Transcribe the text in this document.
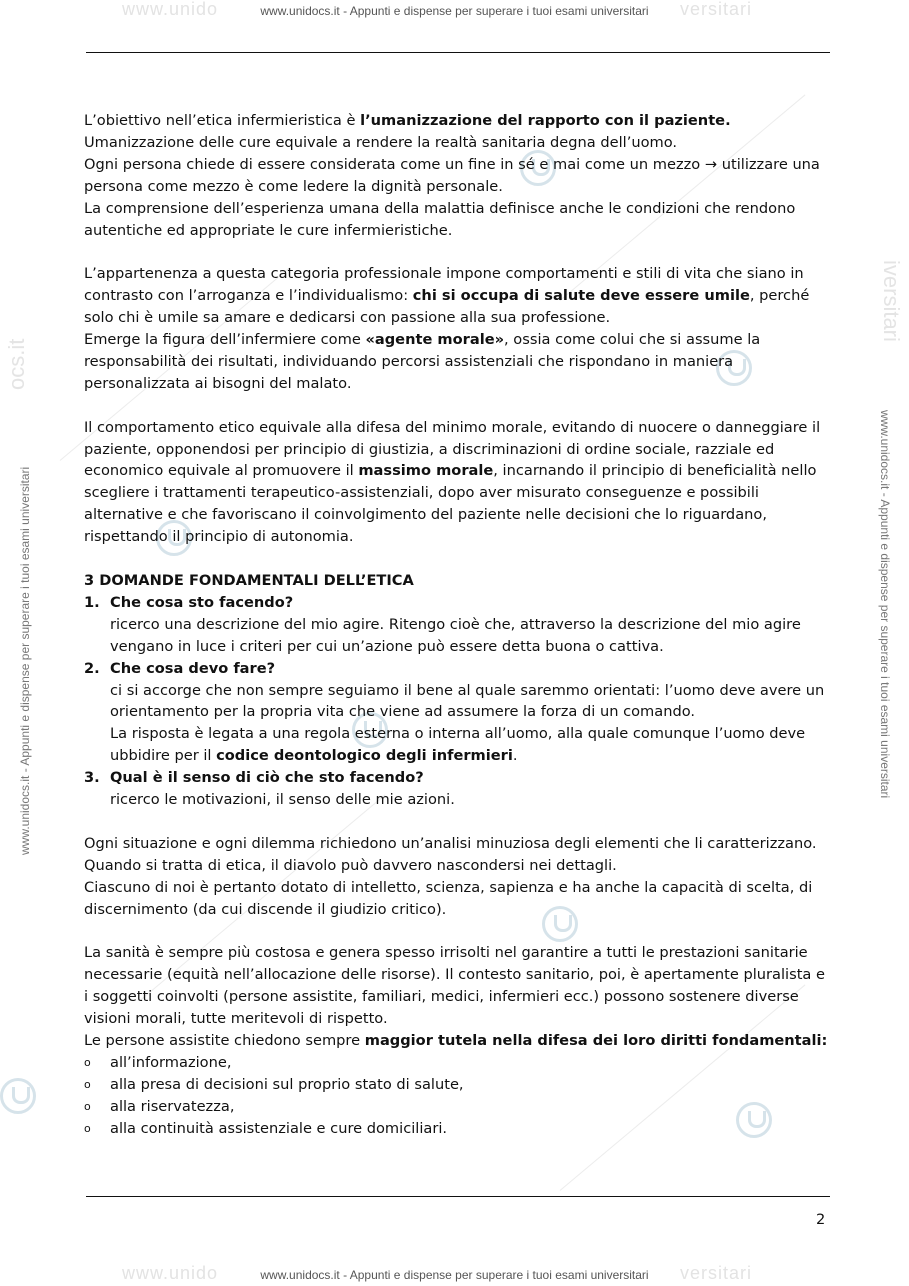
www.unido	versitari
www.unidocs.it - Appunti e dispense per superare i tuoi esami universitari
www.unido	versitari
www.unidocs.it - Appunti e dispense per superare i tuoi esami universitari
ocs.it
iversitari
www.unidocs.it - Appunti e dispense per superare i tuoi esami universitari	www.unidocs.it - Appunti e dispense per superare i tuoi esami universitari

L’obiettivo nell’etica infermieristica è l’umanizzazione del rapporto con il paziente.

Umanizzazione delle cure equivale a rendere la realtà sanitaria degna dell’uomo.

Ogni persona chiede di essere considerata come un fine in sé e mai come un mezzo → utilizzare una persona come mezzo è come ledere la dignità personale.

La comprensione dell’esperienza umana della malattia definisce anche le condizioni che rendono autentiche ed appropriate le cure infermieristiche.

L’appartenenza a questa categoria professionale impone comportamenti e stili di vita che siano in contrasto con l’arroganza e l’individualismo: chi si occupa di salute deve essere umile, perché solo chi è umile sa amare e dedicarsi con passione alla sua professione.

Emerge la figura dell’infermiere come «agente morale», ossia come colui che si assume la responsabilità dei risultati, individuando percorsi assistenziali che rispondano in maniera personalizzata ai bisogni del malato.

Il comportamento etico equivale alla difesa del minimo morale, evitando di nuocere o danneggiare il paziente, opponendosi per principio di giustizia, a discriminazioni di ordine sociale, razziale ed economico equivale al promuovere il massimo morale, incarnando il principio di beneficialità nello scegliere i trattamenti terapeutico-assistenziali, dopo aver misurato conseguenze e possibili alternative e che favoriscano il coinvolgimento del paziente nelle decisioni che lo riguardano, rispettando il principio di autonomia.

3 DOMANDE FONDAMENTALI DELL’ETICA

1. Che cosa sto facendo?

ricerco una descrizione del mio agire. Ritengo cioè che, attraverso la descrizione del mio agire vengano in luce i criteri per cui un’azione può essere detta buona o cattiva.

2. Che cosa devo fare?

ci si accorge che non sempre seguiamo il bene al quale saremmo orientati: l’uomo deve avere un orientamento per la propria vita che viene ad assumere la forza di un comando.

La risposta è legata a una regola esterna o interna all’uomo, alla quale comunque l’uomo deve ubbidire per il codice deontologico degli infermieri.

3. Qual è il senso di ciò che sto facendo?

ricerco le motivazioni, il senso delle mie azioni.

Ogni situazione e ogni dilemma richiedono un’analisi minuziosa degli elementi che li caratterizzano.

Quando si tratta di etica, il diavolo può davvero nascondersi nei dettagli.

Ciascuno di noi è pertanto dotato di intelletto, scienza, sapienza e ha anche la capacità di scelta, di discernimento (da cui discende il giudizio critico).

La sanità è sempre più costosa e genera spesso irrisolti nel garantire a tutti le prestazioni sanitarie necessarie (equità nell’allocazione delle risorse). Il contesto sanitario, poi, è apertamente pluralista e i soggetti coinvolti (persone assistite, familiari, medici, infermieri ecc.) possono sostenere diverse visioni morali, tutte meritevoli di rispetto.

Le persone assistite chiedono sempre maggior tutela nella difesa dei loro diritti fondamentali:

o all’informazione,

o alla presa di decisioni sul proprio stato di salute,

o alla riservatezza,

o alla continuità assistenziale e cure domiciliari.

2
